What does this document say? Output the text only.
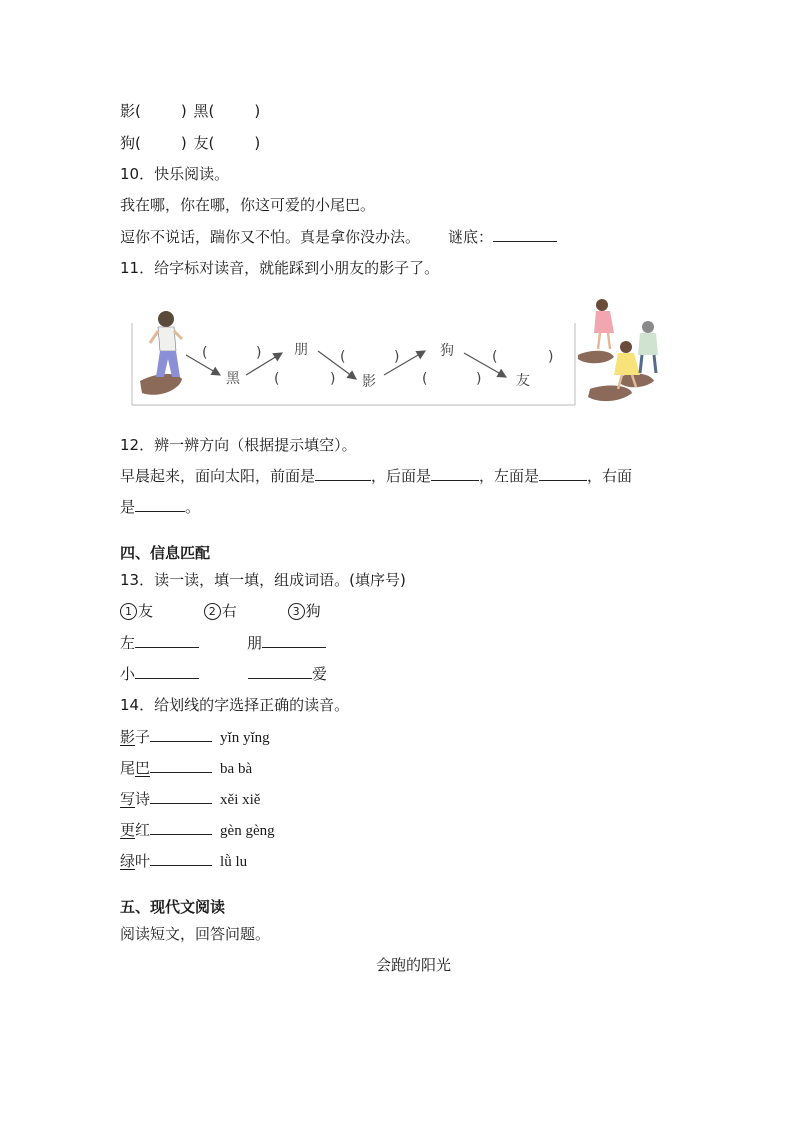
影(	) 黑(	)
狗(	) 友(	)
10．快乐阅读。
我在哪，你在哪，你这可爱的小尾巴。
逗你不说话，踹你又不怕。真是拿你没办法。 谜底：
11．给字标对读音，就能踩到小朋友的影子了。
黑
朋
影
狗
友
(	)
(	)
(	)
(	)
(	)
12．辨一辨方向（根据提示填空）。
早晨起来，面向太阳，前面是	，后面是	，左面是	，右面
是	。
四、信息匹配
13．读一读，填一填，组成词语。(填序号)
1 友	2 右	3 狗
左	朋
小	爱
14．给划线的字选择正确的读音。
影子	yǐn yǐng
尾巴	ba bà
写诗	xěi xiě
更红	gèn gèng
绿叶	lǜ lu
五、现代文阅读
阅读短文，回答问题。
会跑的阳光
